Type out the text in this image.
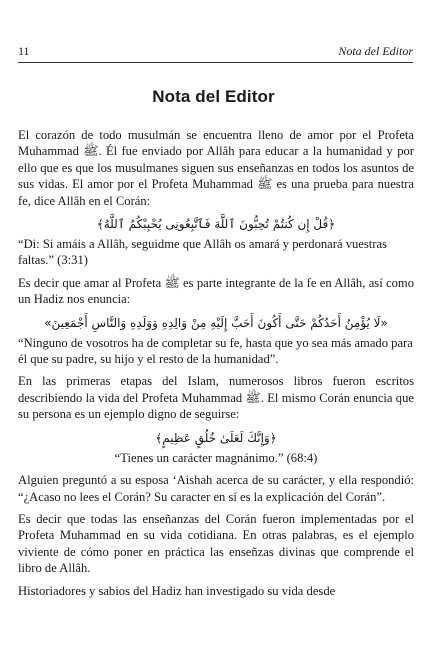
11	Nota del Editor
Nota del Editor

El corazón de todo musulmán se encuentra lleno de amor por el Profeta Muhammad ﷺ. Él fue enviado por Allâh para educar a la humanidad y por ello que es que los musulmanes siguen sus enseñanzas en todos los asuntos de sus vidas. El amor por el Profeta Muhammad ﷺ es una prueba para nuestra fe, dice Allâh en el Corán:

﴿قُلْ إِن كُنتُمْ تُحِبُّونَ ٱللَّهَ فَٱتَّبِعُونِى يُحْبِبْكُمُ ٱللَّهُ﴾

“Di: Si amáis a Allâh, seguidme que Allâh os amará y perdonará vuestras faltas.” (3:31)

Es decir que amar al Profeta ﷺ es parte integrante de la fe en Allâh, así como un Hadiz nos enuncia:

«لَا يُؤْمِنُ أَحَدُكُمْ حَتَّى أَكُونَ أَحَبَّ إِلَيْهِ مِنْ وَالِدِهِ وَوَلَدِهِ وَالنَّاسِ أَجْمَعِينَ»

“Ninguno de vosotros ha de completar su fe, hasta que yo sea más amado para él que su padre, su hijo y el resto de la humanidad”.

En las primeras etapas del Islam, numerosos libros fueron escritos describiendo la vida del Profeta Muhammad ﷺ. El mismo Corán enuncia que su persona es un ejemplo digno de seguirse:

﴿وَإِنَّكَ لَعَلَىٰ خُلُقٍ عَظِيمٍ﴾

“Tienes un carácter magnánimo.” (68:4)

Alguien preguntó a su esposa ‘Aishah acerca de su carácter, y ella respondió: “¿Acaso no lees el Corán? Su caracter en sí es la explicación del Corán”.

Es decir que todas las enseñanzas del Corán fueron implementadas por el Profeta Muhammad en su vida cotidiana. En otras palabras, es el ejemplo viviente de cómo poner en práctica las enseñzas divinas que comprende el libro de Allâh.

Historiadores y sabios del Hadiz han investigado su vida desde
